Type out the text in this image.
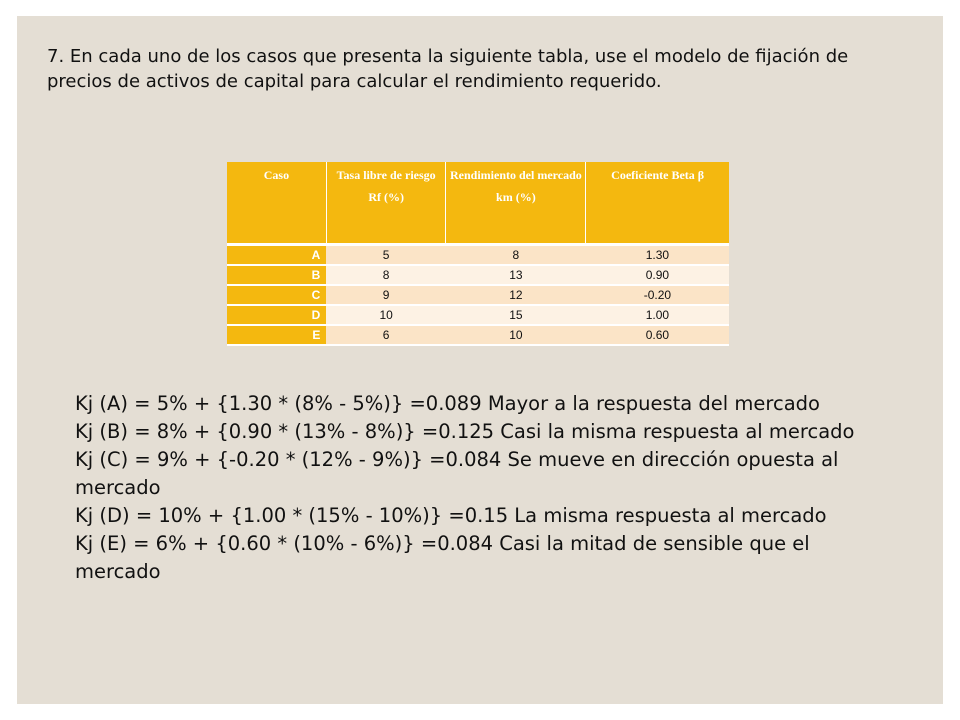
7. En cada uno de los casos que presenta la siguiente tabla, use el modelo de fijación de precios de activos de capital para calcular el rendimiento requerido.
Caso	Tasa libre de riesgo Rf (%)	Rendimiento del mercado km (%)	Coeficiente Beta β
A	5	8	1.30
B	8	13	0.90
C	9	12	-0.20
D	10	15	1.00
E	6	10	0.60
Kj (A) = 5% + {1.30 * (8% - 5%)} =0.089 Mayor a la respuesta del mercado
Kj (B) = 8% + {0.90 * (13% - 8%)} =0.125 Casi la misma respuesta al mercado
Kj (C) = 9% + {-0.20 * (12% - 9%)} =0.084 Se mueve en dirección opuesta al mercado
Kj (D) = 10% + {1.00 * (15% - 10%)} =0.15 La misma respuesta al mercado
Kj (E) = 6% + {0.60 * (10% - 6%)} =0.084 Casi la mitad de sensible que el mercado
